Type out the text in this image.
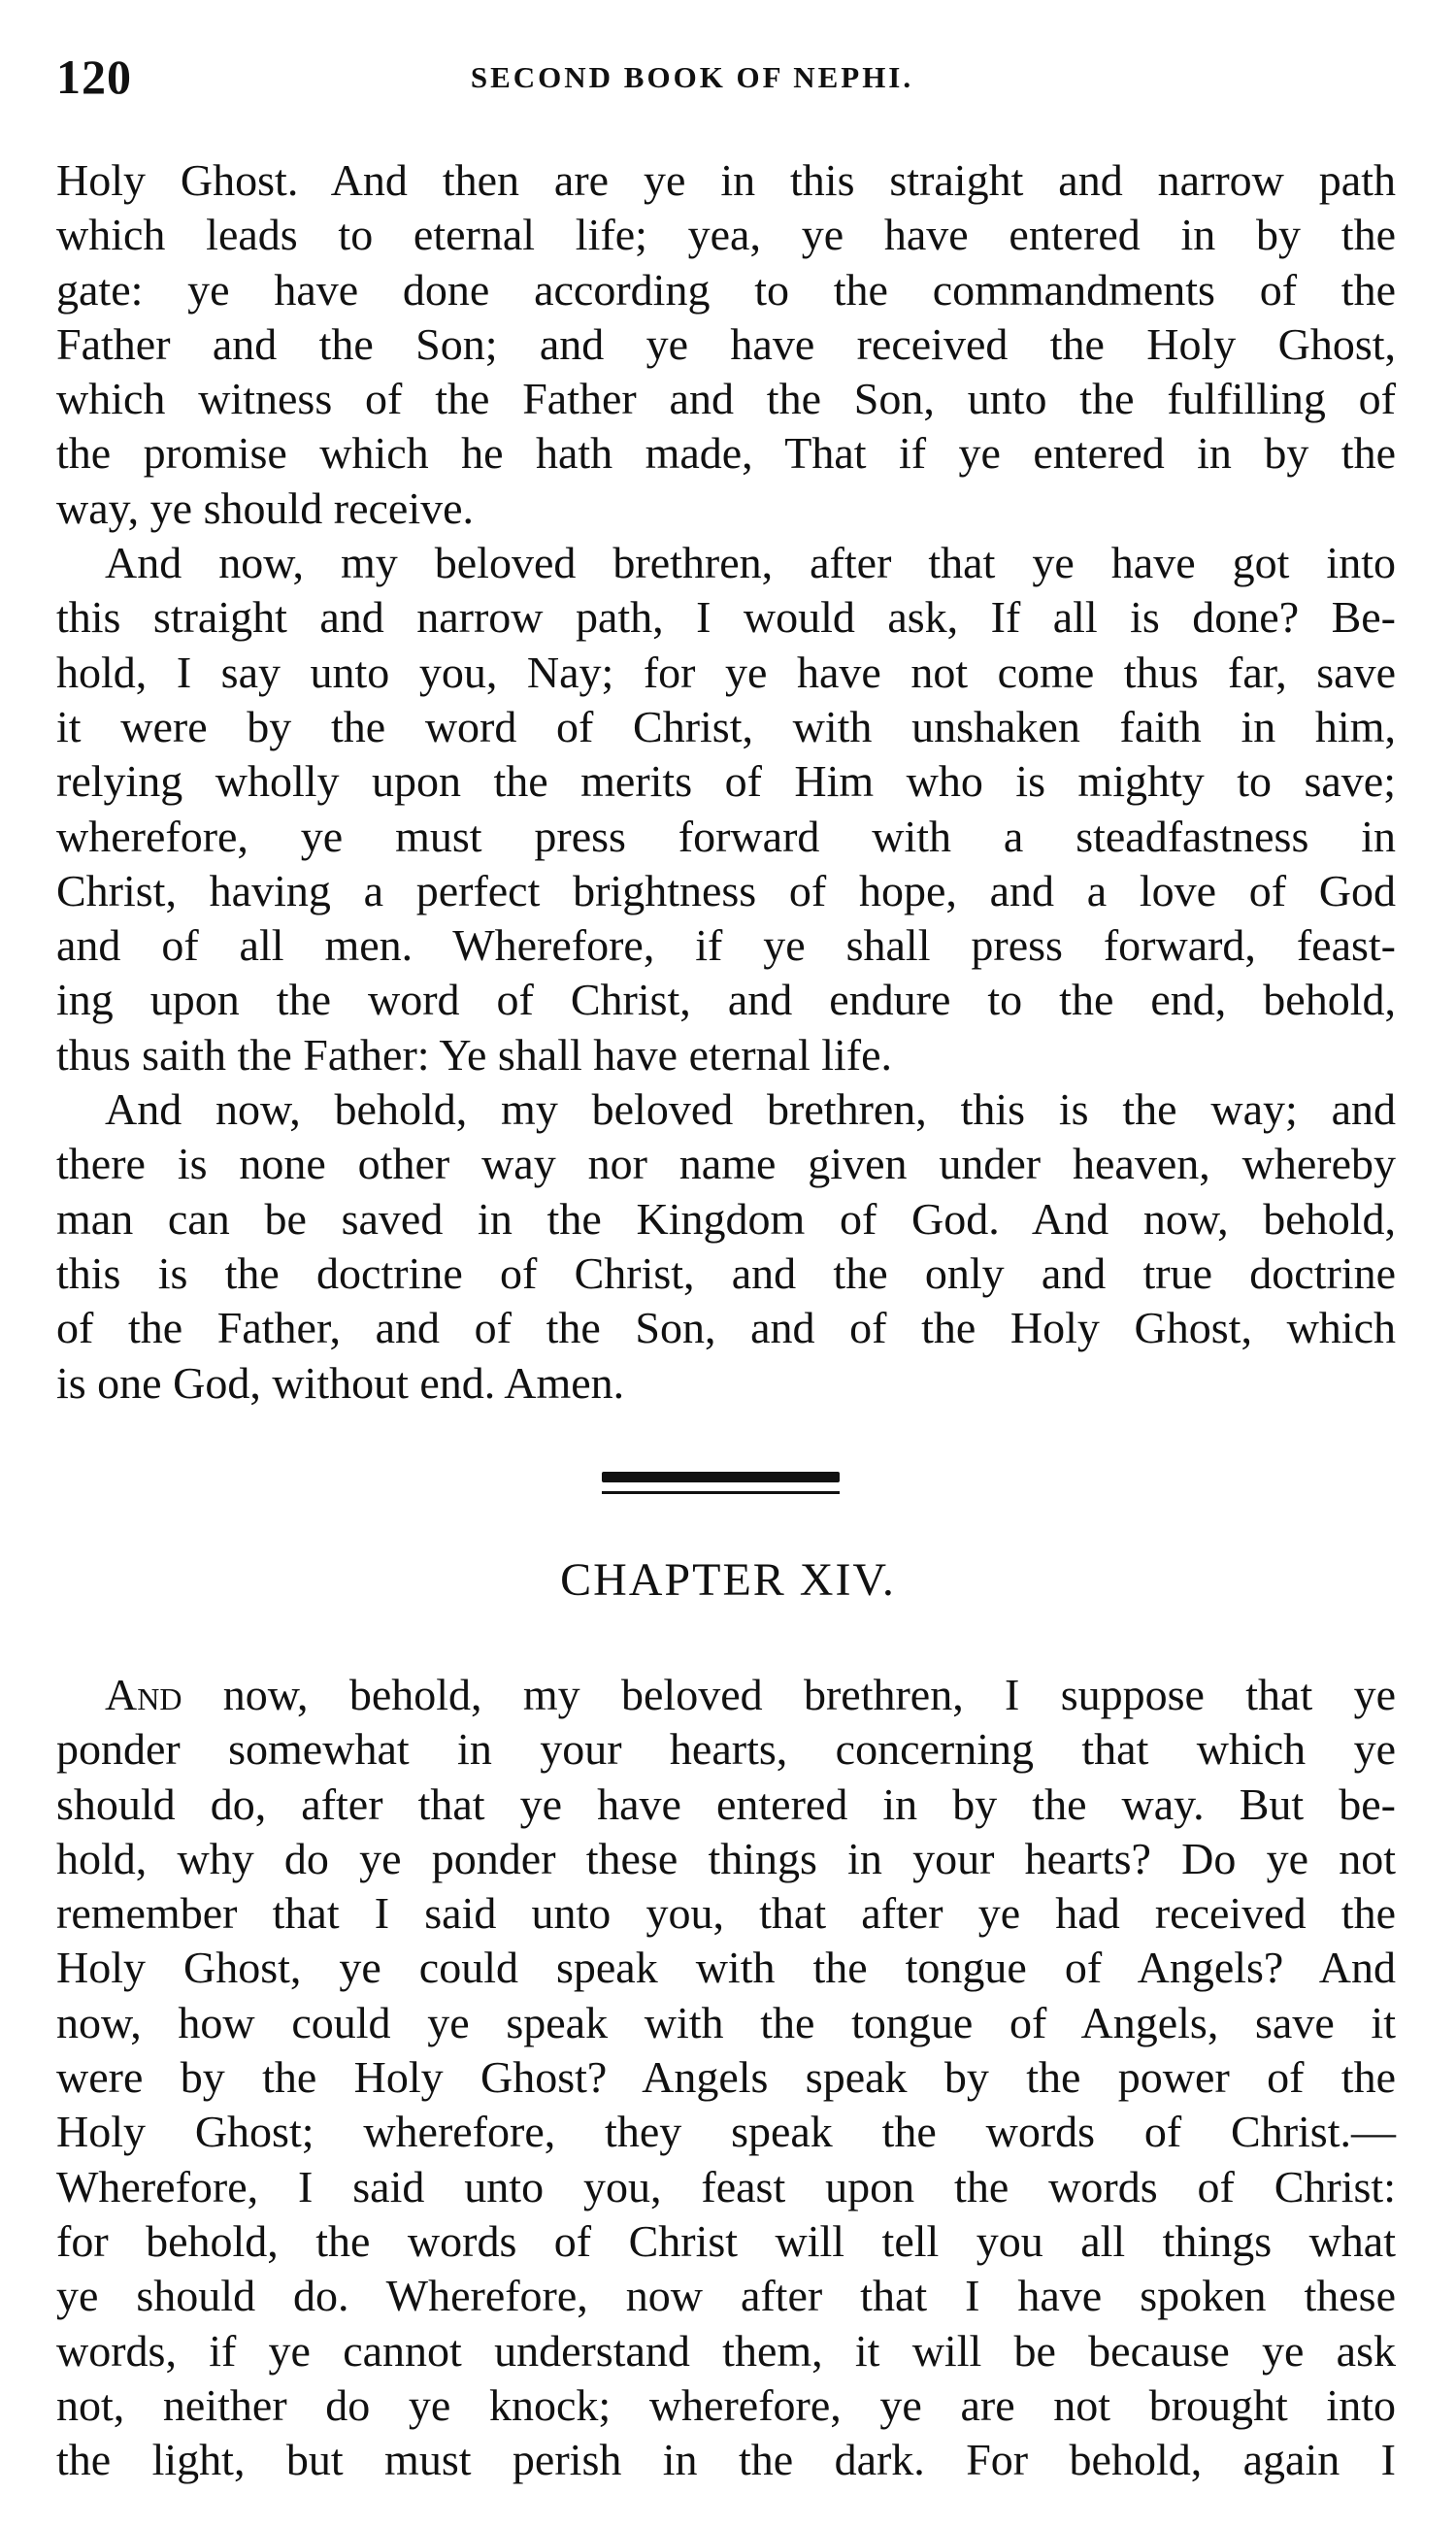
120	SECOND BOOK OF NEPHI.
Holy Ghost. And then are ye in this straight and narrow path
which leads to eternal life; yea, ye have entered in by the
gate: ye have done according to the commandments of the
Father and the Son; and ye have received the Holy Ghost,
which witness of the Father and the Son, unto the fulfilling of
the promise which he hath made, That if ye entered in by the
way, ye should receive.
And now, my beloved brethren, after that ye have got into
this straight and narrow path, I would ask, If all is done? Be-
hold, I say unto you, Nay; for ye have not come thus far, save
it were by the word of Christ, with unshaken faith in him,
relying wholly upon the merits of Him who is mighty to save;
wherefore, ye must press forward with a steadfastness in
Christ, having a perfect brightness of hope, and a love of God
and of all men. Wherefore, if ye shall press forward, feast-
ing upon the word of Christ, and endure to the end, behold,
thus saith the Father: Ye shall have eternal life.
And now, behold, my beloved brethren, this is the way; and
there is none other way nor name given under heaven, whereby
man can be saved in the Kingdom of God. And now, behold,
this is the doctrine of Christ, and the only and true doctrine
of the Father, and of the Son, and of the Holy Ghost, which
is one God, without end. Amen.
CHAPTER XIV.
And now, behold, my beloved brethren, I suppose that ye
ponder somewhat in your hearts, concerning that which ye
should do, after that ye have entered in by the way. But be-
hold, why do ye ponder these things in your hearts? Do ye not
remember that I said unto you, that after ye had received the
Holy Ghost, ye could speak with the tongue of Angels? And
now, how could ye speak with the tongue of Angels, save it
were by the Holy Ghost? Angels speak by the power of the
Holy Ghost; wherefore, they speak the words of Christ.—
Wherefore, I said unto you, feast upon the words of Christ:
for behold, the words of Christ will tell you all things what
ye should do. Wherefore, now after that I have spoken these
words, if ye cannot understand them, it will be because ye ask
not, neither do ye knock; wherefore, ye are not brought into
the light, but must perish in the dark. For behold, again I
